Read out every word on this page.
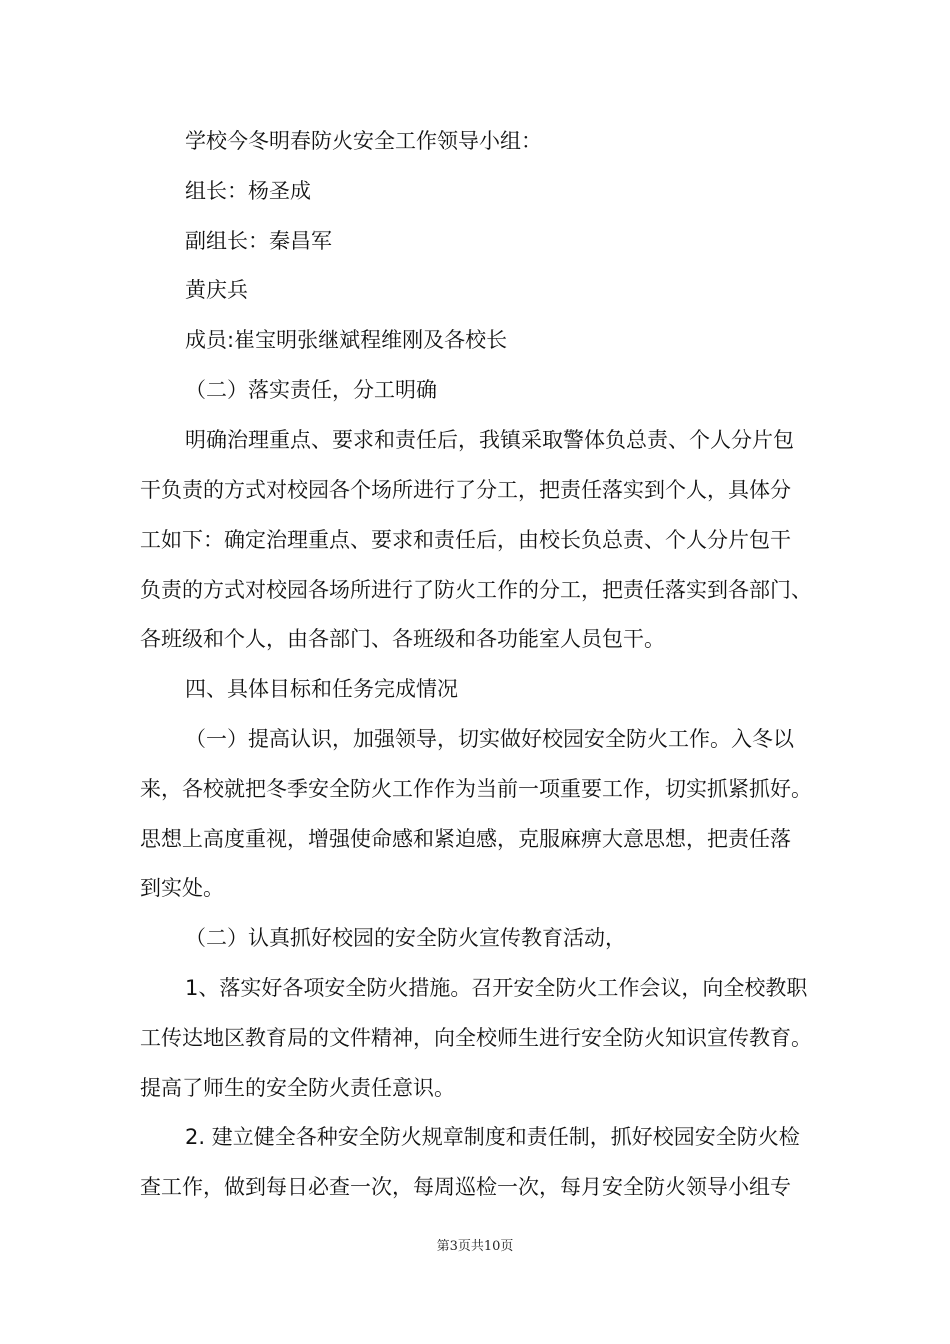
学校今冬明春防火安全工作领导小组：
组长：杨圣成
副组长：秦昌军
黄庆兵
成员:崔宝明张继斌程维刚及各校长
（二）落实责任，分工明确
明确治理重点、要求和责任后，我镇采取警体负总责、个人分片包
干负责的方式对校园各个场所进行了分工，把责任落实到个人，具体分
工如下：确定治理重点、要求和责任后，由校长负总责、个人分片包干
负责的方式对校园各场所进行了防火工作的分工，把责任落实到各部门、
各班级和个人，由各部门、各班级和各功能室人员包干。
四、具体目标和任务完成情况
（一）提高认识，加强领导，切实做好校园安全防火工作。入冬以
来，各校就把冬季安全防火工作作为当前一项重要工作，切实抓紧抓好。
思想上高度重视，增强使命感和紧迫感，克服麻痹大意思想，把责任落
到实处。
（二）认真抓好校园的安全防火宣传教育活动，
1、落实好各项安全防火措施。召开安全防火工作会议，向全校教职
工传达地区教育局的文件精神，向全校师生进行安全防火知识宣传教育。
提高了师生的安全防火责任意识。
2. 建立健全各种安全防火规章制度和责任制，抓好校园安全防火检
查工作，做到每日必查一次，每周巡检一次，每月安全防火领导小组专
第3页共10页
